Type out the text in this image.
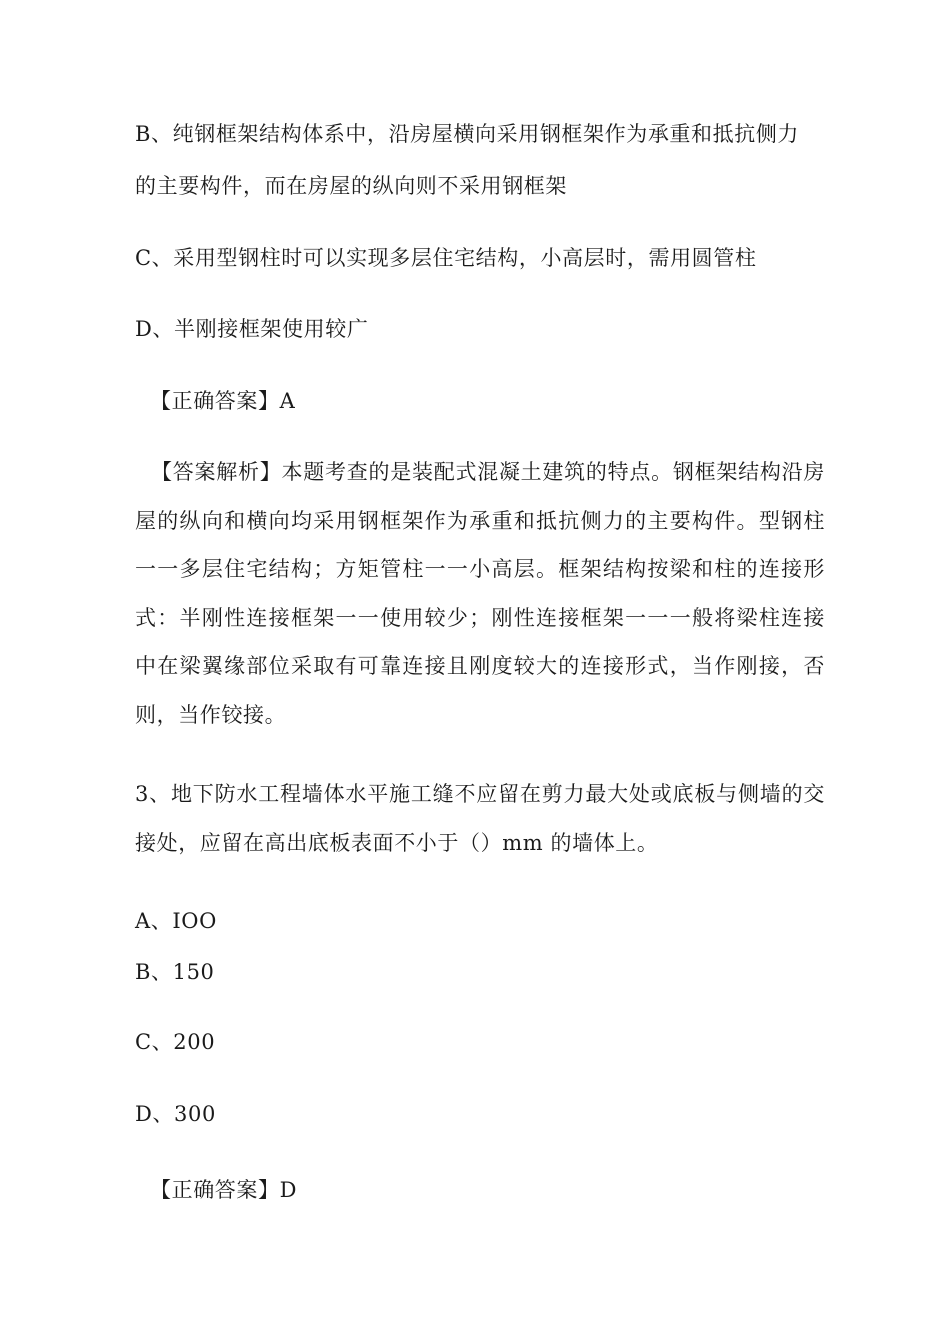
B、纯钢框架结构体系中，沿房屋横向采用钢框架作为承重和抵抗侧力
的主要构件，而在房屋的纵向则不采用钢框架
C、采用型钢柱时可以实现多层住宅结构，小高层时，需用圆管柱
D、半刚接框架使用较广
【正确答案】A
【答案解析】本题考查的是装配式混凝土建筑的特点。钢框架结构沿房屋的纵向和横向均采用钢框架作为承重和抵抗侧力的主要构件。型钢柱一一多层住宅结构；方矩管柱一一小高层。框架结构按梁和柱的连接形式：半刚性连接框架一一使用较少；刚性连接框架一一一般将梁柱连接中在梁翼缘部位采取有可靠连接且刚度较大的连接形式，当作刚接，否则，当作铰接。
3、地下防水工程墙体水平施工缝不应留在剪力最大处或底板与侧墙的交接处，应留在高出底板表面不小于（）mm 的墙体上。
A、IOO
B、150
C、200
D、300
【正确答案】D
